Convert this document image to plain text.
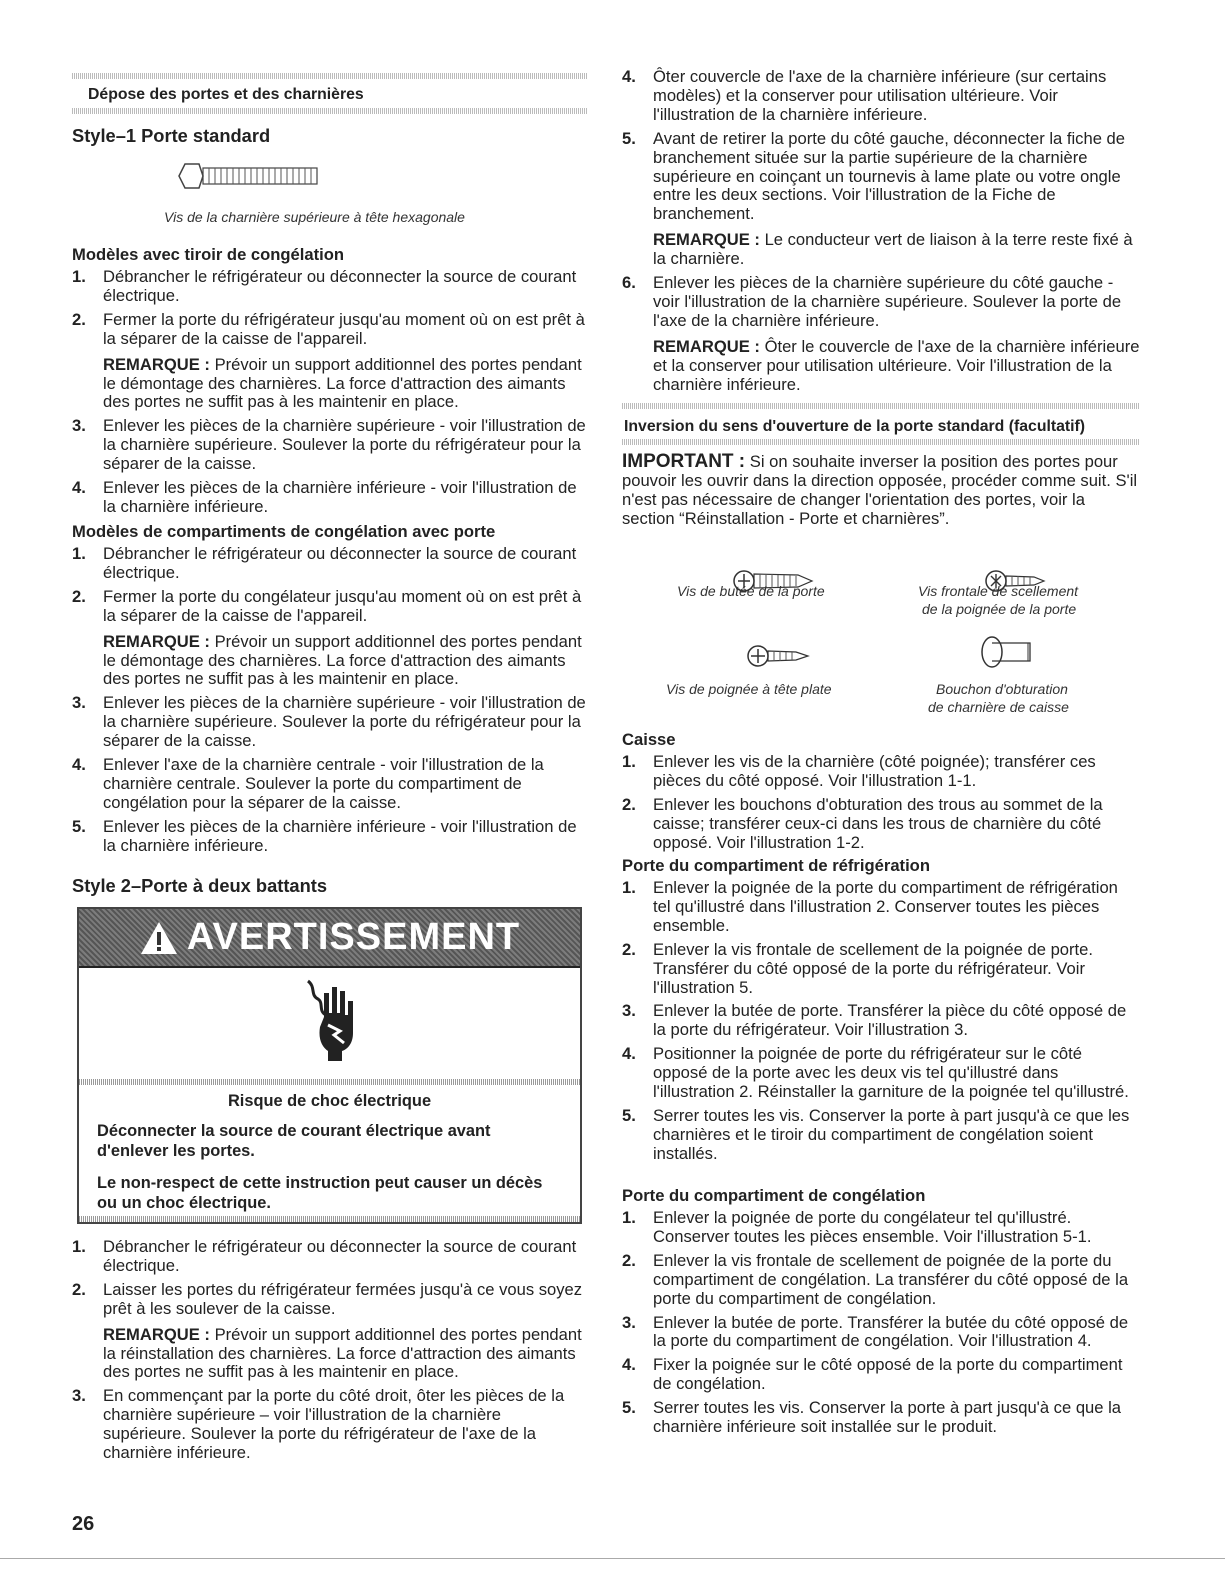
Dépose des portes et des charnières
Style–1 Porte standard
Vis de la charnière supérieure à tête hexagonale
Modèles avec tiroir de congélation
1. Débrancher le réfrigérateur ou déconnecter la source de courant électrique.
2. Fermer la porte du réfrigérateur jusqu'au moment où on est prêt à la séparer de la caisse de l'appareil.
REMARQUE : Prévoir un support additionnel des portes pendant le démontage des charnières. La force d'attraction des aimants des portes ne suffit pas à les maintenir en place.
3. Enlever les pièces de la charnière supérieure - voir l'illustration de la charnière supérieure. Soulever la porte du réfrigérateur pour la séparer de la caisse.
4. Enlever les pièces de la charnière inférieure - voir l'illustration de la charnière inférieure.
Modèles de compartiments de congélation avec porte
1. Débrancher le réfrigérateur ou déconnecter la source de courant électrique.
2. Fermer la porte du congélateur jusqu'au moment où on est prêt à la séparer de la caisse de l'appareil.
REMARQUE : Prévoir un support additionnel des portes pendant le démontage des charnières. La force d'attraction des aimants des portes ne suffit pas à les maintenir en place.
3. Enlever les pièces de la charnière supérieure - voir l'illustration de la charnière supérieure. Soulever la porte du réfrigérateur pour la séparer de la caisse.
4. Enlever l'axe de la charnière centrale - voir l'illustration de la charnière centrale. Soulever la porte du compartiment de congélation pour la séparer de la caisse.
5. Enlever les pièces de la charnière inférieure - voir l'illustration de la charnière inférieure.
Style 2–Porte à deux battants
1. Débrancher le réfrigérateur ou déconnecter la source de courant électrique.
2. Laisser les portes du réfrigérateur fermées jusqu'à ce vous soyez prêt à les soulever de la caisse.
REMARQUE : Prévoir un support additionnel des portes pendant la réinstallation des charnières. La force d'attraction des aimants des portes ne suffit pas à les maintenir en place.
3. En commençant par la porte du côté droit, ôter les pièces de la charnière supérieure – voir l'illustration de la charnière supérieure. Soulever la porte du réfrigérateur de l'axe de la charnière inférieure.
AVERTISSEMENT
Risque de choc électrique
Déconnecter la source de courant électrique avant d'enlever les portes.
Le non-respect de cette instruction peut causer un décès ou un choc électrique.
4. Ôter couvercle de l'axe de la charnière inférieure (sur certains modèles) et la conserver pour utilisation ultérieure. Voir l'illustration de la charnière inférieure.
5. Avant de retirer la porte du côté gauche, déconnecter la fiche de branchement située sur la partie supérieure de la charnière supérieure en coinçant un tournevis à lame plate ou votre ongle entre les deux sections. Voir l'illustration de la Fiche de branchement.
REMARQUE : Le conducteur vert de liaison à la terre reste fixé à la charnière.
6. Enlever les pièces de la charnière supérieure du côté gauche - voir l'illustration de la charnière supérieure. Soulever la porte de l'axe de la charnière inférieure.
REMARQUE : Ôter le couvercle de l'axe de la charnière inférieure et la conserver pour utilisation ultérieure. Voir l'illustration de la charnière inférieure.
Inversion du sens d'ouverture de la porte standard (facultatif)
IMPORTANT : Si on souhaite inverser la position des portes pour pouvoir les ouvrir dans la direction opposée, procéder comme suit. S'il n'est pas nécessaire de changer l'orientation des portes, voir la section “Réinstallation - Porte et charnières”.
Vis de butée de la porte	Vis frontale de scellement
de la poignée de la porte
Vis de poignée à tête plate	Bouchon d'obturation
de charnière de caisse
Caisse
1. Enlever les vis de la charnière (côté poignée); transférer ces pièces du côté opposé. Voir l'illustration 1-1.
2. Enlever les bouchons d'obturation des trous au sommet de la caisse; transférer ceux-ci dans les trous de charnière du côté opposé. Voir l'illustration 1-2.
Porte du compartiment de réfrigération
1. Enlever la poignée de la porte du compartiment de réfrigération tel qu'illustré dans l'illustration 2. Conserver toutes les pièces ensemble.
2. Enlever la vis frontale de scellement de la poignée de porte. Transférer du côté opposé de la porte du réfrigérateur. Voir l'illustration 5.
3. Enlever la butée de porte. Transférer la pièce du côté opposé de la porte du réfrigérateur. Voir l'illustration 3.
4. Positionner la poignée de porte du réfrigérateur sur le côté opposé de la porte avec les deux vis tel qu'illustré dans l'illustration 2. Réinstaller la garniture de la poignée tel qu'illustré.
5. Serrer toutes les vis. Conserver la porte à part jusqu'à ce que les charnières et le tiroir du compartiment de congélation soient installés.
Porte du compartiment de congélation
1. Enlever la poignée de porte du congélateur tel qu'illustré. Conserver toutes les pièces ensemble. Voir l'illustration 5-1.
2. Enlever la vis frontale de scellement de poignée de la porte du compartiment de congélation. La transférer du côté opposé de la porte du compartiment de congélation.
3. Enlever la butée de porte. Transférer la butée du côté opposé de la porte du compartiment de congélation. Voir l'illustration 4.
4. Fixer la poignée sur le côté opposé de la porte du compartiment de congélation.
5. Serrer toutes les vis. Conserver la porte à part jusqu'à ce que la charnière inférieure soit installée sur le produit.
26
